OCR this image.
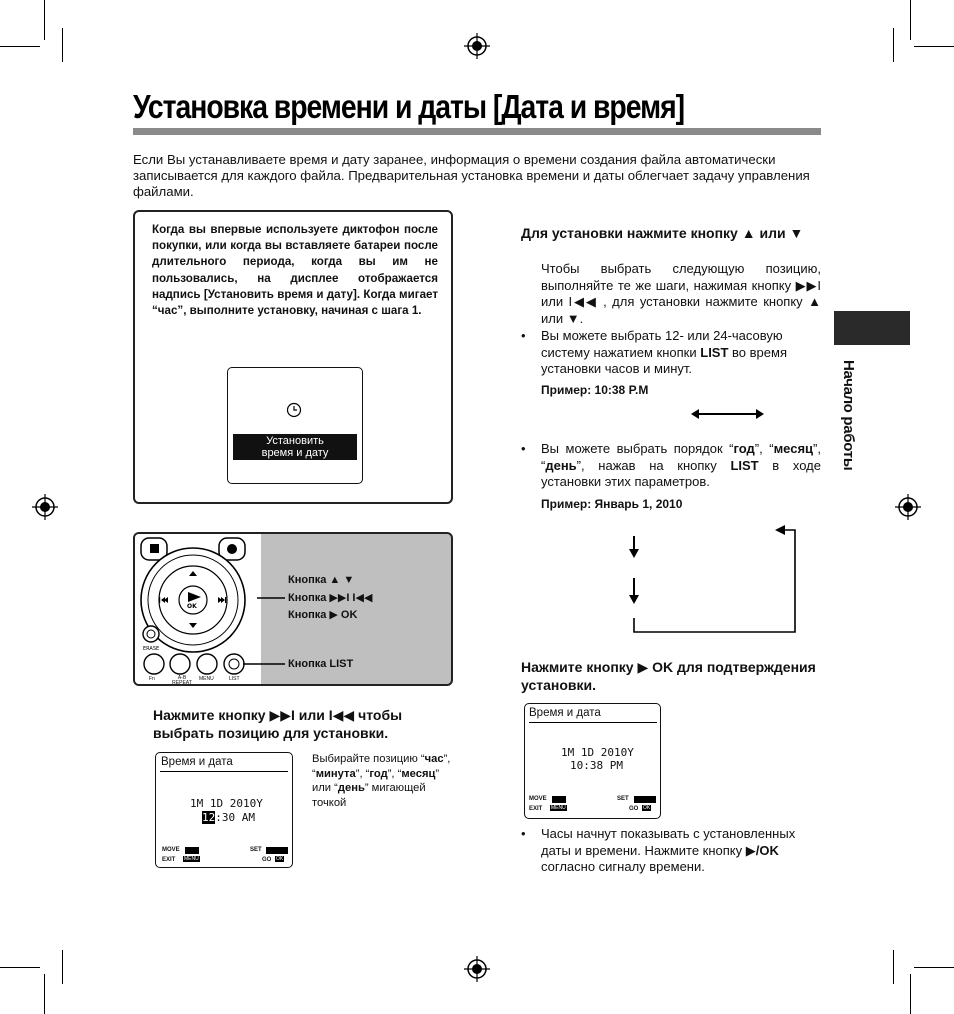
Установка времени и даты [Дата и время]

Если Вы устанавливаете время и дату заранее, информация о времени создания файла автоматически записывается для каждого файла. Предварительная установка времени и даты облегчает задачу управления файлами.

Когда вы впервые используете диктофон после покупки, или когда вы вставляете батареи после длительного периода, когда вы им не пользовались, на дисплее отображается надпись [Установить время и дату]. Когда мигает “час”, выполните установку, начиная с шага 1.

Установить
время и дату
OK
ERASE
Fn	A-B REPEAT
MENU	LIST
Кнопка ▲ ▼
Кнопка ▶▶I I◀◀
Кнопка ▶ OK
Кнопка LIST
Нажмите кнопку ▶▶I или I◀◀ чтобы выбрать позицию для установки.
Время и дата
1M 1D 2010Y
12:30 AM
MOVE	SET
EXIT MENU	GO OK
Выбирайте позицию “час”, “минута”, “год”, “месяц” или “день” мигающей точкой
Для установки нажмите кнопку ▲ или ▼

Чтобы выбрать следующую позицию, выполняйте те же шаги, нажимая кнопку ▶▶I или I◀◀ , для установки нажмите кнопку ▲ или ▼.

• Вы можете выбрать 12- или 24-часовую систему нажатием кнопки LIST во время установки часов и минут.

Пример: 10:38 P.M
• Вы можете выбрать порядок “год”, “месяц”, “день”, нажав на кнопку LIST в ходе установки этих параметров.

Пример: Январь 1, 2010
Нажмите кнопку ▶ OK для подтверждения установки.
Время и дата
1M 1D 2010Y
10:38 PM
MOVE	SET
EXIT MENU	GO OK
• Часы начнут показывать с установленных даты и времени. Нажмите кнопку ▶/OK согласно сигналу времени.

Начало работы
